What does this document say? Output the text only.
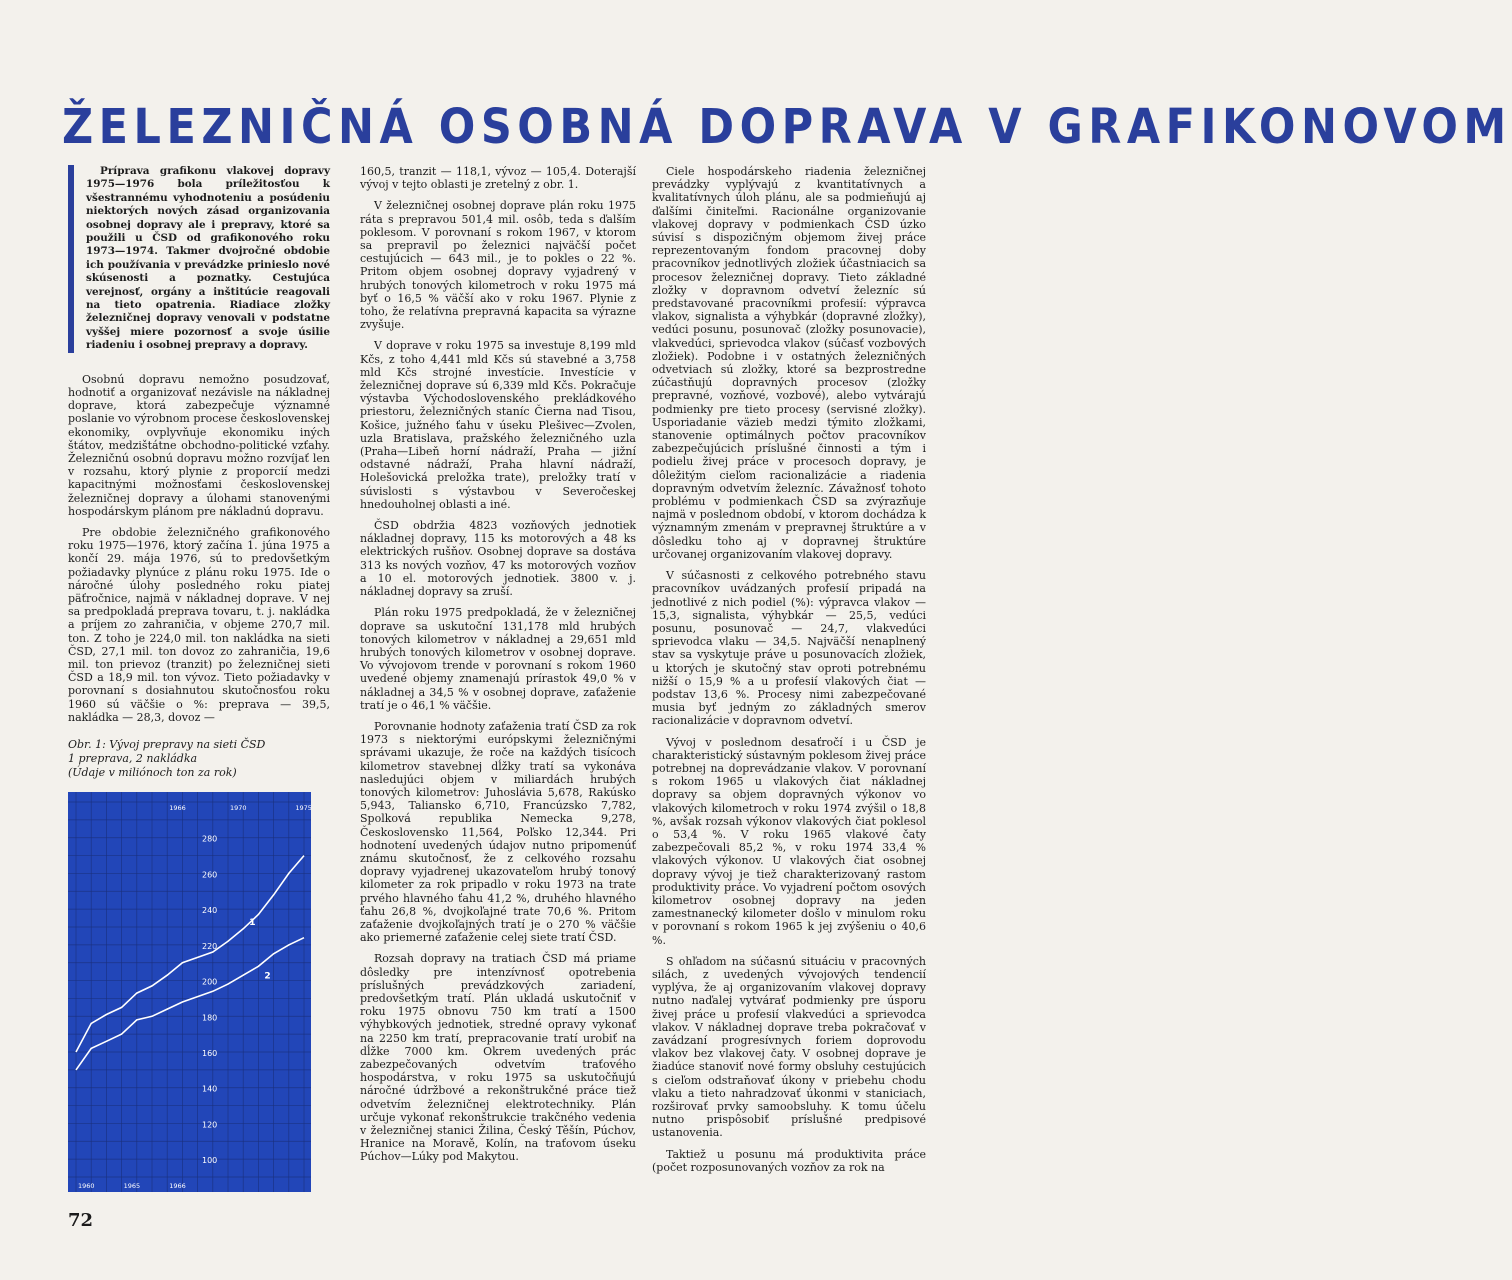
ŽELEZNIČNÁ OSOBNÁ DOPRAVA V GRAFIKONOVOM

Príprava grafikonu vlakovej dopravy 1975—1976 bola príležitosťou k všestrannému vyhodnoteniu a posúdeniu niektorých nových zásad organizovania osobnej dopravy ale i prepravy, ktoré sa použili u ČSD od grafikonového roku 1973—1974. Takmer dvojročné obdobie ich používania v prevádzke prinieslo nové skúsenosti a poznatky. Cestujúca verejnosť, orgány a inštitúcie reagovali na tieto opatrenia. Riadiace zložky železničnej dopravy venovali v podstatne vyššej miere pozornosť a svoje úsilie riadeniu i osobnej prepravy a dopravy.

Osobnú dopravu nemožno posudzovať, hodnotiť a organizovať nezávisle na nákladnej doprave, ktorá zabezpečuje významné poslanie vo výrobnom procese československej ekonomiky, ovplyvňuje ekonomiku iných štátov, medzištátne obchodno-politické vzťahy. Železničnú osobnú dopravu možno rozvíjať len v rozsahu, ktorý plynie z proporcií medzi kapacitnými možnosťami československej železničnej dopravy a úlohami stanovenými hospodárskym plánom pre nákladnú dopravu.

Pre obdobie železničného grafikonového roku 1975—1976, ktorý začína 1. júna 1975 a končí 29. mája 1976, sú to predovšetkým požiadavky plynúce z plánu roku 1975. Ide o náročné úlohy posledného roku piatej päťročnice, najmä v nákladnej doprave. V nej sa predpokladá preprava tovaru, t. j. nakládka a príjem zo zahraničia, v objeme 270,7 mil. ton. Z toho je 224,0 mil. ton nakládka na sieti ČSD, 27,1 mil. ton dovoz zo zahraničia, 19,6 mil. ton prievoz (tranzit) po železničnej sieti ČSD a 18,9 mil. ton vývoz. Tieto požiadavky v porovnaní s dosiahnutou skutočnosťou roku 1960 sú väčšie o %: preprava — 39,5, nakládka — 28,3, dovoz —

Obr. 1: Vývoj prepravy na sieti ČSD
1 preprava, 2 nakládka
(Údaje v miliónoch ton za rok)
100
120
140
160
180
200
220
240
260
280
1960	1965	1966
1966	1970	1975
1
2

160,5, tranzit — 118,1, vývoz — 105,4. Doterajší vývoj v tejto oblasti je zretelný z obr. 1.

V železničnej osobnej doprave plán roku 1975 ráta s prepravou 501,4 mil. osôb, teda s ďalším poklesom. V porovnaní s rokom 1967, v ktorom sa prepravil po železnici najväčší počet cestujúcich — 643 mil., je to pokles o 22 %. Pritom objem osobnej dopravy vyjadrený v hrubých tonových kilometroch v roku 1975 má byť o 16,5 % väčší ako v roku 1967. Plynie z toho, že relatívna prepravná kapacita sa výrazne zvyšuje.

V doprave v roku 1975 sa investuje 8,199 mld Kčs, z toho 4,441 mld Kčs sú stavebné a 3,758 mld Kčs strojné investície. Investície v železničnej doprave sú 6,339 mld Kčs. Pokračuje výstavba Východoslovenského prekládkového priestoru, železničných staníc Čierna nad Tisou, Košice, južného ťahu v úseku Plešivec—Zvolen, uzla Bratislava, pražského železničného uzla (Praha—Libeň horní nádraží, Praha — jižní odstavné nádraží, Praha hlavní nádraží, Holešovická preložka trate), preložky tratí v súvislosti s výstavbou v Severočeskej hnedouholnej oblasti a iné.

ČSD obdržia 4823 vozňových jednotiek nákladnej dopravy, 115 ks motorových a 48 ks elektrických rušňov. Osobnej doprave sa dostáva 313 ks nových vozňov, 47 ks motorových vozňov a 10 el. motorových jednotiek. 3800 v. j. nákladnej dopravy sa zruší.

Plán roku 1975 predpokladá, že v železničnej doprave sa uskutoční 131,178 mld hrubých tonových kilometrov v nákladnej a 29,651 mld hrubých tonových kilometrov v osobnej doprave. Vo vývojovom trende v porovnaní s rokom 1960 uvedené objemy znamenajú prírastok 49,0 % v nákladnej a 34,5 % v osobnej doprave, zaťaženie tratí je o 46,1 % väčšie.

Porovnanie hodnoty zaťaženia tratí ČSD za rok 1973 s niektorými európskymi železničnými správami ukazuje, že roče na každých tisícoch kilometrov stavebnej dĺžky tratí sa vykonáva nasledujúci objem v miliardách hrubých tonových kilometrov: Juhoslávia 5,678, Rakúsko 5,943, Taliansko 6,710, Francúzsko 7,782, Spolková republika Nemecka 9,278, Československo 11,564, Poľsko 12,344. Pri hodnotení uvedených údajov nutno pripomenúť známu skutočnosť, že z celkového rozsahu dopravy vyjadrenej ukazovateľom hrubý tonový kilometer za rok pripadlo v roku 1973 na trate prvého hlavného ťahu 41,2 %, druhého hlavného ťahu 26,8 %, dvojkoľajné trate 70,6 %. Pritom zaťaženie dvojkoľajných tratí je o 270 % väčšie ako priemerné zaťaženie celej siete tratí ČSD.

Rozsah dopravy na tratiach ČSD má priame dôsledky pre intenzívnosť opotrebenia príslušných prevádzkových zariadení, predovšetkým tratí. Plán ukladá uskutočniť v roku 1975 obnovu 750 km tratí a 1500 výhybkových jednotiek, stredné opravy vykonať na 2250 km tratí, prepracovanie tratí urobiť na dĺžke 7000 km. Okrem uvedených prác zabezpečovaných odvetvím traťového hospodárstva, v roku 1975 sa uskutočňujú náročné údržbové a rekonštrukčné práce tiež odvetvím železničnej elektrotechniky. Plán určuje vykonať rekonštrukcie trakčného vedenia v železničnej stanici Žilina, Český Těšín, Púchov, Hranice na Moravě, Kolín, na traťovom úseku Púchov—Lúky pod Makytou.

Ciele hospodárskeho riadenia železničnej prevádzky vyplývajú z kvantitatívnych a kvalitatívnych úloh plánu, ale sa podmieňujú aj ďalšími činiteľmi. Racionálne organizovanie vlakovej dopravy v podmienkach ČSD úzko súvisí s dispozičným objemom živej práce reprezentovaným fondom pracovnej doby pracovníkov jednotlivých zložiek účastniacich sa procesov železničnej dopravy. Tieto základné zložky v dopravnom odvetví železníc sú predstavované pracovníkmi profesií: výpravca vlakov, signalista a výhybkár (dopravné zložky), vedúci posunu, posunovač (zložky posunovacie), vlakvedúci, sprievodca vlakov (súčasť vozbových zložiek). Podobne i v ostatných železničných odvetviach sú zložky, ktoré sa bezprostredne zúčastňujú dopravných procesov (zložky prepravné, vozňové, vozbové), alebo vytvárajú podmienky pre tieto procesy (servisné zložky). Usporiadanie väzieb medzi týmito zložkami, stanovenie optimálnych počtov pracovníkov zabezpečujúcich príslušné činnosti a tým i podielu živej práce v procesoch dopravy, je dôležitým cieľom racionalizácie a riadenia dopravným odvetvím železníc. Závažnosť tohoto problému v podmienkach ČSD sa zvýrazňuje najmä v poslednom období, v ktorom dochádza k významným zmenám v prepravnej štruktúre a v dôsledku toho aj v dopravnej štruktúre určovanej organizovaním vlakovej dopravy.

V súčasnosti z celkového potrebného stavu pracovníkov uvádzaných profesií pripadá na jednotlivé z nich podiel (%): výpravca vlakov — 15,3, signalista, výhybkár — 25,5, vedúci posunu, posunovač — 24,7, vlakvedúci sprievodca vlaku — 34,5. Najväčší nenaplnený stav sa vyskytuje práve u posunovacích zložiek, u ktorých je skutočný stav oproti potrebnému nižší o 15,9 % a u profesií vlakových čiat — podstav 13,6 %. Procesy nimi zabezpečované musia byť jedným zo základných smerov racionalizácie v dopravnom odvetví.

Vývoj v poslednom desaťročí i u ČSD je charakteristický sústavným poklesom živej práce potrebnej na doprevádzanie vlakov. V porovnaní s rokom 1965 u vlakových čiat nákladnej dopravy sa objem dopravných výkonov vo vlakových kilometroch v roku 1974 zvýšil o 18,8 %, avšak rozsah výkonov vlakových čiat poklesol o 53,4 %. V roku 1965 vlakové čaty zabezpečovali 85,2 %, v roku 1974 33,4 % vlakových výkonov. U vlakových čiat osobnej dopravy vývoj je tiež charakterizovaný rastom produktivity práce. Vo vyjadrení počtom osových kilometrov osobnej dopravy na jeden zamestnanecký kilometer došlo v minulom roku v porovnaní s rokom 1965 k jej zvýšeniu o 40,6 %.

S ohľadom na súčasnú situáciu v pracovných silách, z uvedených vývojových tendencií vyplýva, že aj organizovaním vlakovej dopravy nutno naďalej vytvárať podmienky pre úsporu živej práce u profesií vlakvedúci a sprievodca vlakov. V nákladnej doprave treba pokračovať v zavádzaní progresívnych foriem doprovodu vlakov bez vlakovej čaty. V osobnej doprave je žiadúce stanoviť nové formy obsluhy cestujúcich s cieľom odstraňovať úkony v priebehu chodu vlaku a tieto nahradzovať úkonmi v staniciach, rozširovať prvky samoobsluhy. K tomu účelu nutno prispôsobiť príslušné predpisové ustanovenia.

Taktiež u posunu má produktivita práce (počet rozposunovaných vozňov za rok na

72
